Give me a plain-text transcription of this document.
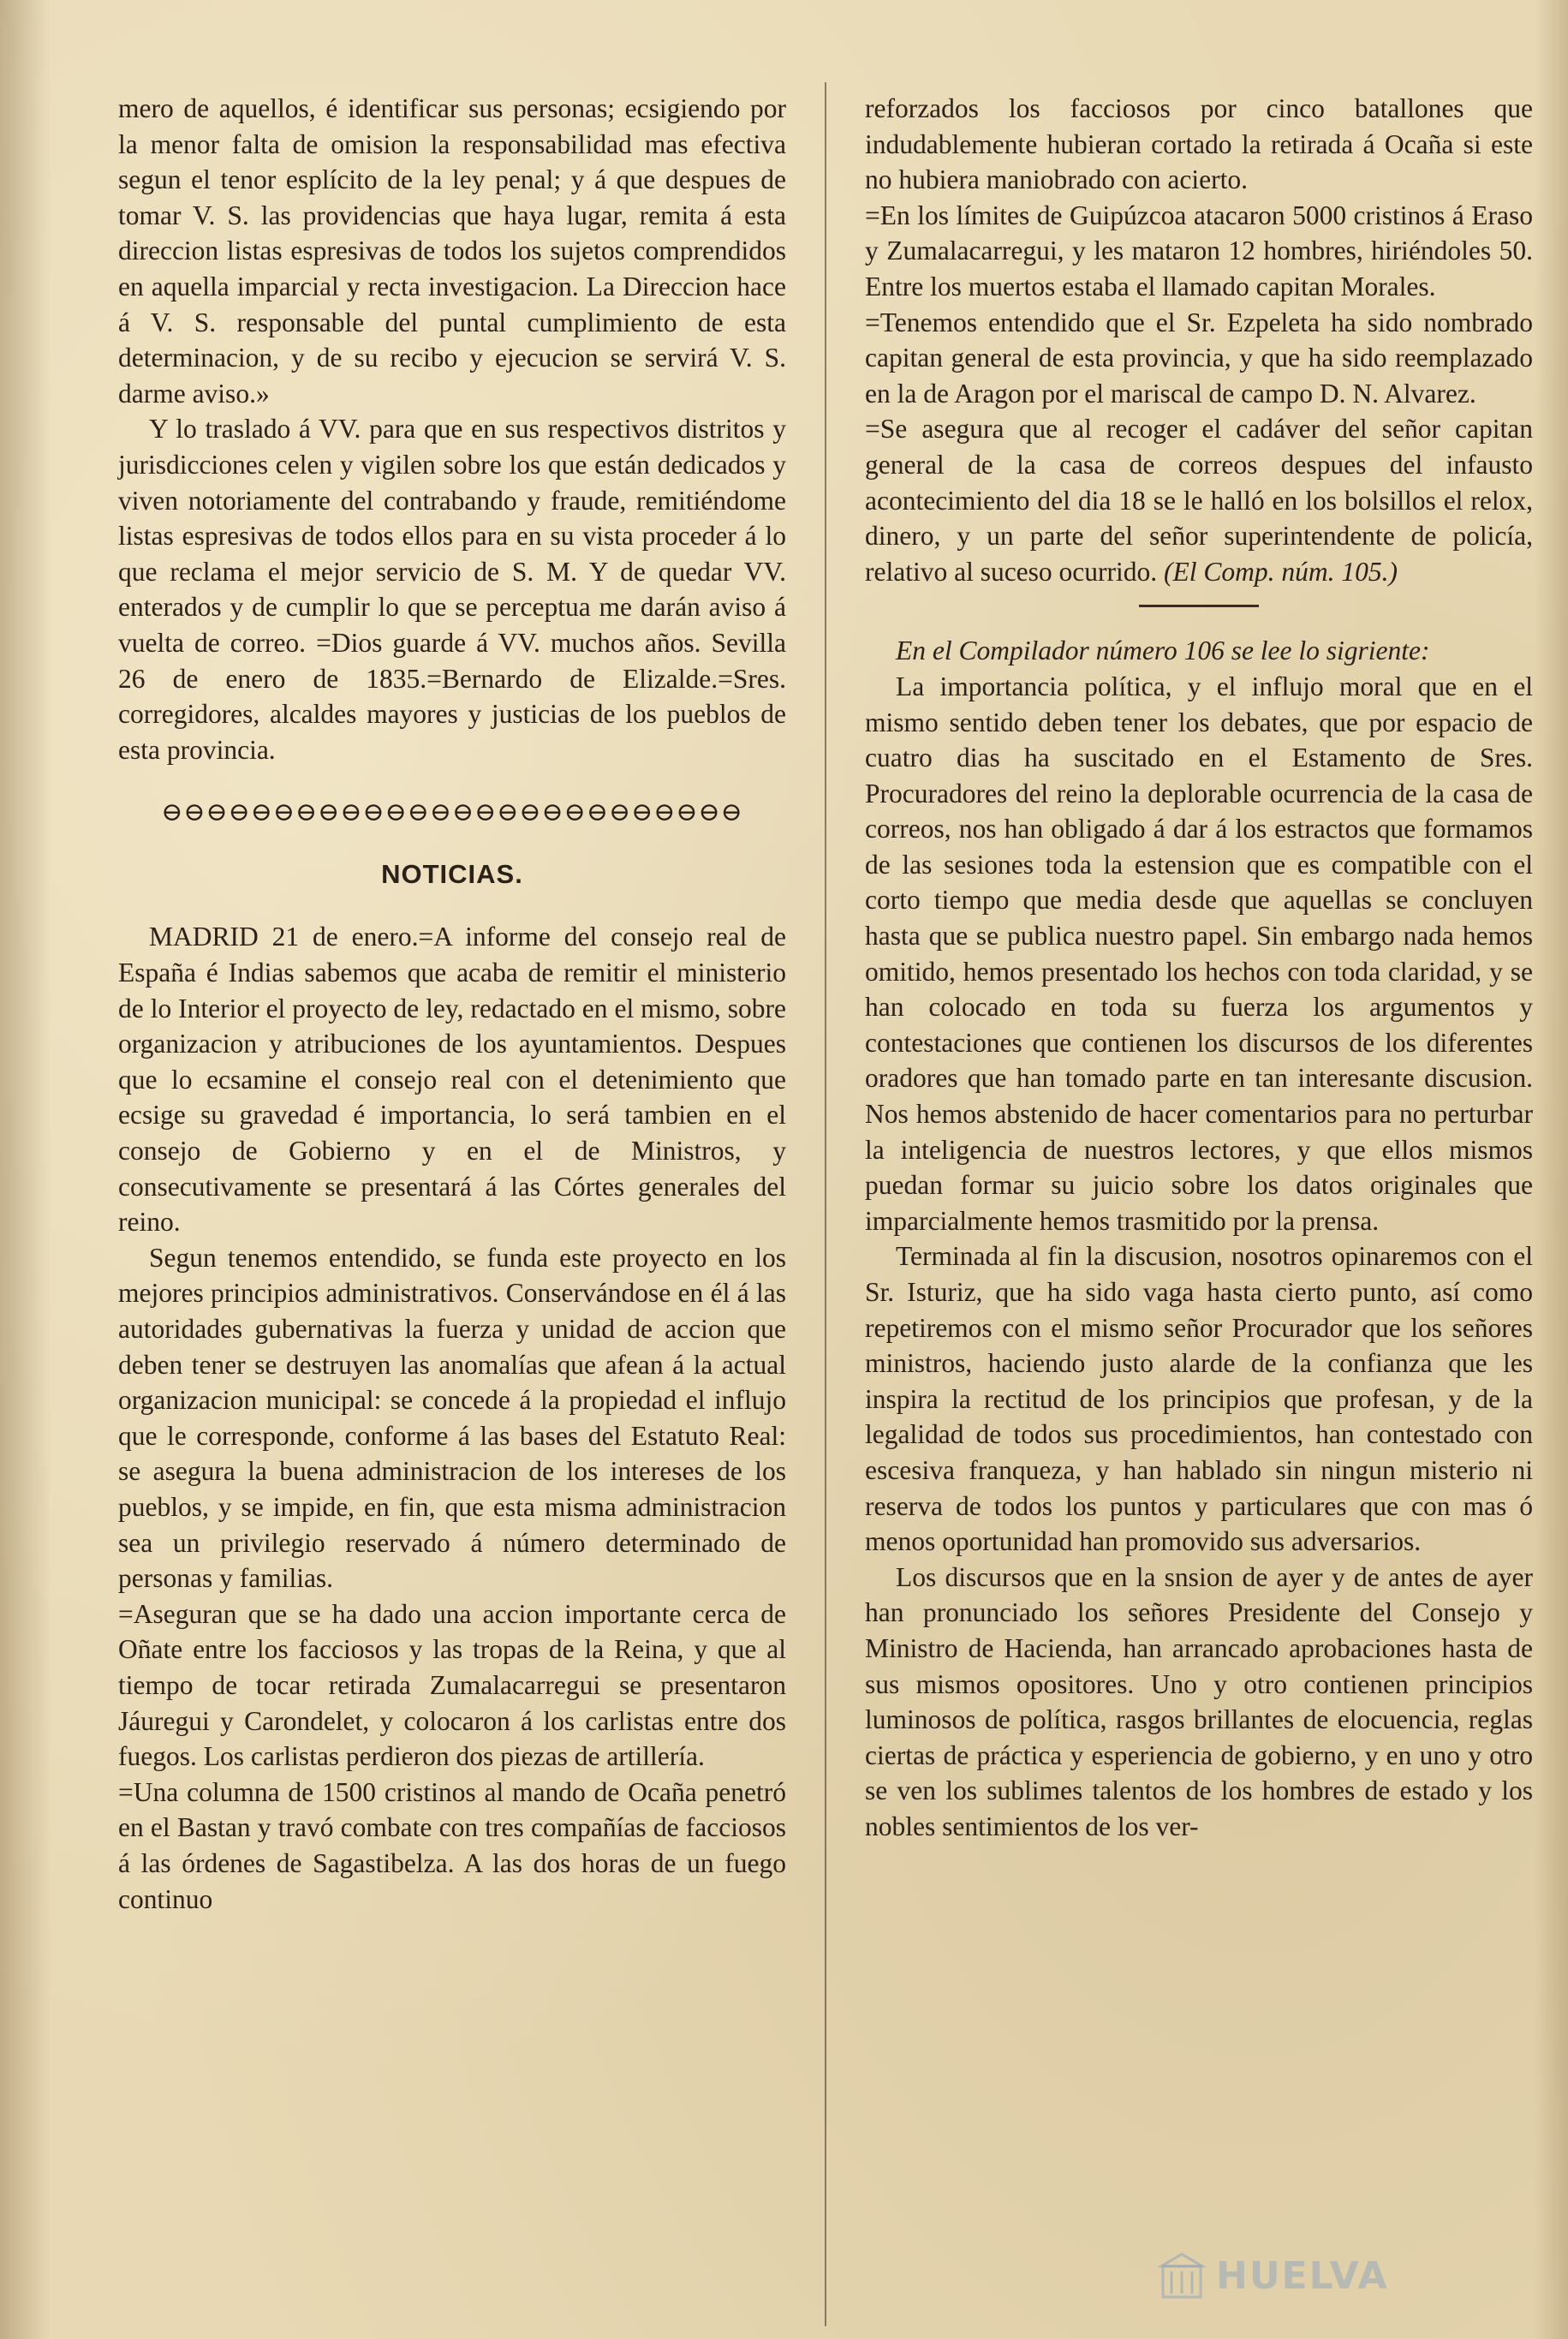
mero de aquellos, é identificar sus personas; ecsigiendo por la menor falta de omision la responsabilidad mas efectiva segun el tenor esplícito de la ley penal; y á que despues de tomar V. S. las providencias que haya lugar, remita á esta direccion listas espresivas de todos los sujetos comprendidos en aquella imparcial y recta investigacion. La Direccion hace á V. S. responsable del puntal cumplimiento de esta determinacion, y de su recibo y ejecucion se servirá V. S. darme aviso.»

Y lo traslado á VV. para que en sus respectivos distritos y jurisdicciones celen y vigilen sobre los que están dedicados y viven notoriamente del contrabando y fraude, remitiéndome listas espresivas de todos ellos para en su vista proceder á lo que reclama el mejor servicio de S. M. Y de quedar VV. enterados y de cumplir lo que se perceptua me darán aviso á vuelta de correo. =Dios guarde á VV. muchos años. Sevilla 26 de enero de 1835.=Bernardo de Elizalde.=Sres. corregidores, alcaldes mayores y justicias de los pueblos de esta provincia.

⊖⊖⊖⊖⊖⊖⊖⊖⊖⊖⊖⊖⊖⊖⊖⊖⊖⊖⊖⊖⊖⊖⊖⊖⊖⊖
NOTICIAS.

MADRID 21 de enero.=A informe del consejo real de España é Indias sabemos que acaba de remitir el ministerio de lo Interior el proyecto de ley, redactado en el mismo, sobre organizacion y atribuciones de los ayuntamientos. Despues que lo ecsamine el consejo real con el detenimiento que ecsige su gravedad é importancia, lo será tambien en el consejo de Gobierno y en el de Ministros, y consecutivamente se presentará á las Córtes generales del reino.

Segun tenemos entendido, se funda este proyecto en los mejores principios administrativos. Conservándose en él á las autoridades gubernativas la fuerza y unidad de accion que deben tener se destruyen las anomalías que afean á la actual organizacion municipal: se concede á la propiedad el influjo que le corresponde, conforme á las bases del Estatuto Real: se asegura la buena administracion de los intereses de los pueblos, y se impide, en fin, que esta misma administracion sea un privilegio reservado á número determinado de personas y familias.

=Aseguran que se ha dado una accion importante cerca de Oñate entre los facciosos y las tropas de la Reina, y que al tiempo de tocar retirada Zumalacarregui se presentaron Jáuregui y Carondelet, y colocaron á los carlistas entre dos fuegos. Los carlistas perdieron dos piezas de artillería.

=Una columna de 1500 cristinos al mando de Ocaña penetró en el Bastan y travó combate con tres compañías de facciosos á las órdenes de Sagastibelza. A las dos horas de un fuego continuo

reforzados los facciosos por cinco batallones que indudablemente hubieran cortado la retirada á Ocaña si este no hubiera maniobrado con acierto.

=En los límites de Guipúzcoa atacaron 5000 cristinos á Eraso y Zumalacarregui, y les mataron 12 hombres, hiriéndoles 50. Entre los muertos estaba el llamado capitan Morales.

=Tenemos entendido que el Sr. Ezpeleta ha sido nombrado capitan general de esta provincia, y que ha sido reemplazado en la de Aragon por el mariscal de campo D. N. Alvarez.

=Se asegura que al recoger el cadáver del señor capitan general de la casa de correos despues del infausto acontecimiento del dia 18 se le halló en los bolsillos el relox, dinero, y un parte del señor superintendente de policía, relativo al suceso ocurrido. (El Comp. núm. 105.)

En el Compilador número 106 se lee lo sigriente:

La importancia política, y el influjo moral que en el mismo sentido deben tener los debates, que por espacio de cuatro dias ha suscitado en el Estamento de Sres. Procuradores del reino la deplorable ocurrencia de la casa de correos, nos han obligado á dar á los estractos que formamos de las sesiones toda la estension que es compatible con el corto tiempo que media desde que aquellas se concluyen hasta que se publica nuestro papel. Sin embargo nada hemos omitido, hemos presentado los hechos con toda claridad, y se han colocado en toda su fuerza los argumentos y contestaciones que contienen los discursos de los diferentes oradores que han tomado parte en tan interesante discusion. Nos hemos abstenido de hacer comentarios para no perturbar la inteligencia de nuestros lectores, y que ellos mismos puedan formar su juicio sobre los datos originales que imparcialmente hemos trasmitido por la prensa.

Terminada al fin la discusion, nosotros opinaremos con el Sr. Isturiz, que ha sido vaga hasta cierto punto, así como repetiremos con el mismo señor Procurador que los señores ministros, haciendo justo alarde de la confianza que les inspira la rectitud de los principios que profesan, y de la legalidad de todos sus procedimientos, han contestado con escesiva franqueza, y han hablado sin ningun misterio ni reserva de todos los puntos y particulares que con mas ó menos oportunidad han promovido sus adversarios.

Los discursos que en la snsion de ayer y de antes de ayer han pronunciado los señores Presidente del Consejo y Ministro de Hacienda, han arrancado aprobaciones hasta de sus mismos opositores. Uno y otro contienen principios luminosos de política, rasgos brillantes de elocuencia, reglas ciertas de práctica y esperiencia de gobierno, y en uno y otro se ven los sublimes talentos de los hombres de estado y los nobles sentimientos de los ver-

HUELVA
